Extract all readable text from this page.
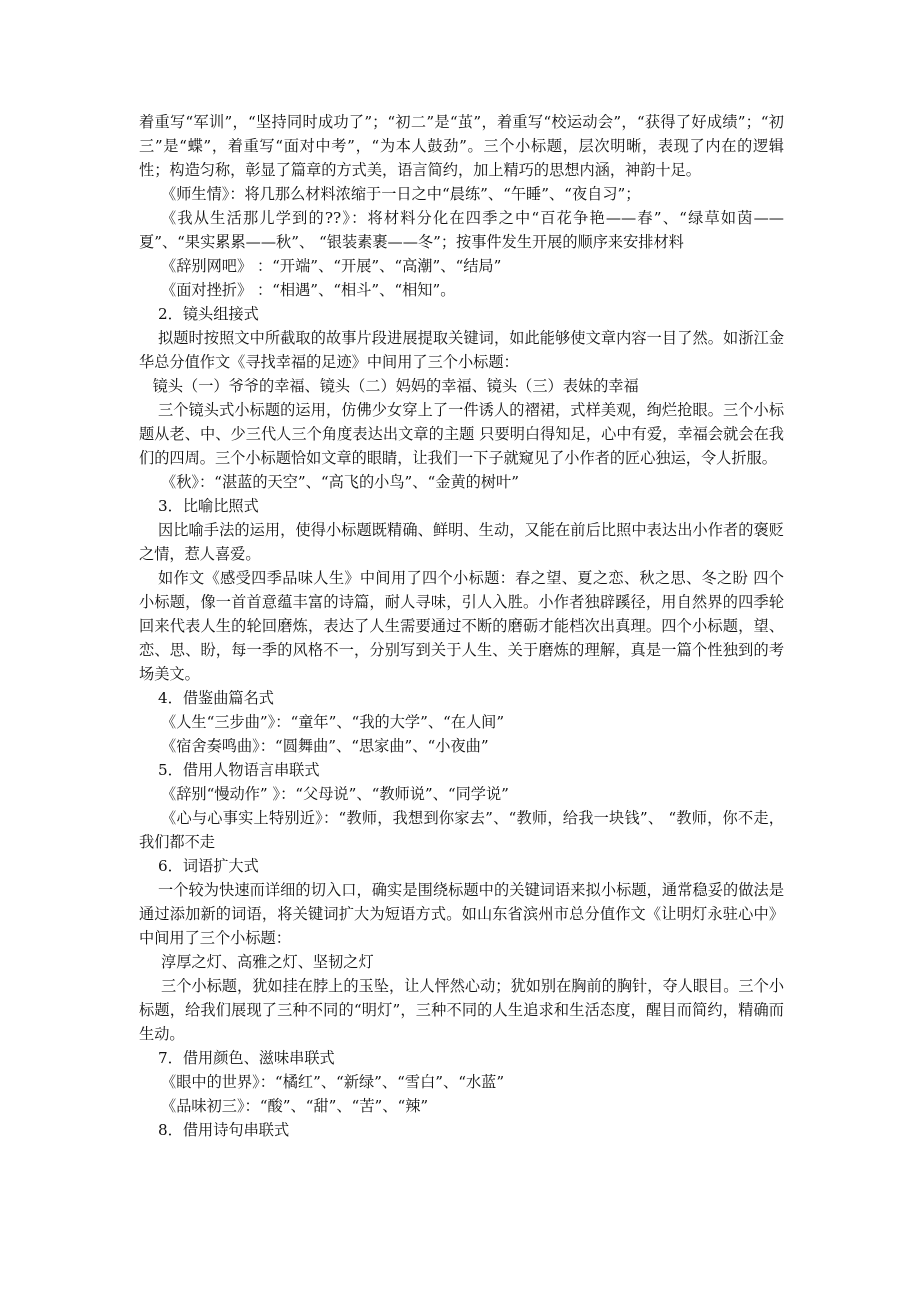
着重写“军训”，“坚持同时成功了”；“初二”是“茧”，着重写“校运动会”，“获得了好成绩”；“初三”是“蝶”，着重写“面对中考”，“为本人鼓劲”。三个小标题，层次明晰，表现了内在的逻辑性；构造匀称，彰显了篇章的方式美，语言简约，加上精巧的思想内涵，神韵十足。

《师生情》：将几那么材料浓缩于一日之中“晨练”、“午睡”、“夜自习”；

《我从生活那儿学到的??》：将材料分化在四季之中“百花争艳——春”、“绿草如茵——夏”、“果实累累——秋”、 “银装素裹——冬”；按事件发生开展的顺序来安排材料

《辞别网吧》 ：“开端”、“开展”、“高潮”、“结局”

《面对挫折》 ：“相遇”、“相斗”、“相知”。

2．镜头组接式

拟题时按照文中所截取的故事片段进展提取关键词，如此能够使文章内容一目了然。如浙江金华总分值作文《寻找幸福的足迹》中间用了三个小标题：

镜头（一）爷爷的幸福、镜头（二）妈妈的幸福、镜头（三）表妹的幸福

三个镜头式小标题的运用，仿佛少女穿上了一件诱人的褶裙，式样美观，绚烂抢眼。三个小标题从老、中、少三代人三个角度表达出文章的主题 只要明白得知足，心中有爱，幸福会就会在我们的四周。三个小标题恰如文章的眼睛，让我们一下子就窥见了小作者的匠心独运，令人折服。

《秋》：“湛蓝的天空”、“高飞的小鸟”、“金黄的树叶”

3．比喻比照式

因比喻手法的运用，使得小标题既精确、鲜明、生动，又能在前后比照中表达出小作者的褒贬之情，惹人喜爱。

如作文《感受四季品味人生》中间用了四个小标题：春之望、夏之恋、秋之思、冬之盼 四个小标题，像一首首意蕴丰富的诗篇，耐人寻味，引人入胜。小作者独辟蹊径，用自然界的四季轮回来代表人生的轮回磨炼，表达了人生需要通过不断的磨砺才能档次出真理。四个小标题，望、恋、思、盼，每一季的风格不一，分别写到关于人生、关于磨炼的理解，真是一篇个性独到的考场美文。

4．借鉴曲篇名式

《人生“三步曲”》：“童年”、“我的大学”、“在人间”

《宿舍奏鸣曲》：“圆舞曲”、“思家曲”、“小夜曲”

5．借用人物语言串联式

《辞别“慢动作” 》：“父母说”、“教师说”、“同学说”

《心与心事实上特别近》：“教师，我想到你家去”、“教师，给我一块钱”、 “教师，你不走，我们都不走

6．词语扩大式

一个较为快速而详细的切入口，确实是围绕标题中的关键词语来拟小标题，通常稳妥的做法是通过添加新的词语，将关键词扩大为短语方式。如山东省滨州市总分值作文《让明灯永驻心中》中间用了三个小标题：

淳厚之灯、高雅之灯、坚韧之灯

三个小标题，犹如挂在脖上的玉坠，让人怦然心动；犹如别在胸前的胸针，夺人眼目。三个小标题，给我们展现了三种不同的“明灯”，三种不同的人生追求和生活态度，醒目而简约，精确而生动。

7．借用颜色、滋味串联式

《眼中的世界》：“橘红”、“新绿”、“雪白”、“水蓝”

《品味初三》：“酸”、“甜”、“苦”、“辣”

8．借用诗句串联式
